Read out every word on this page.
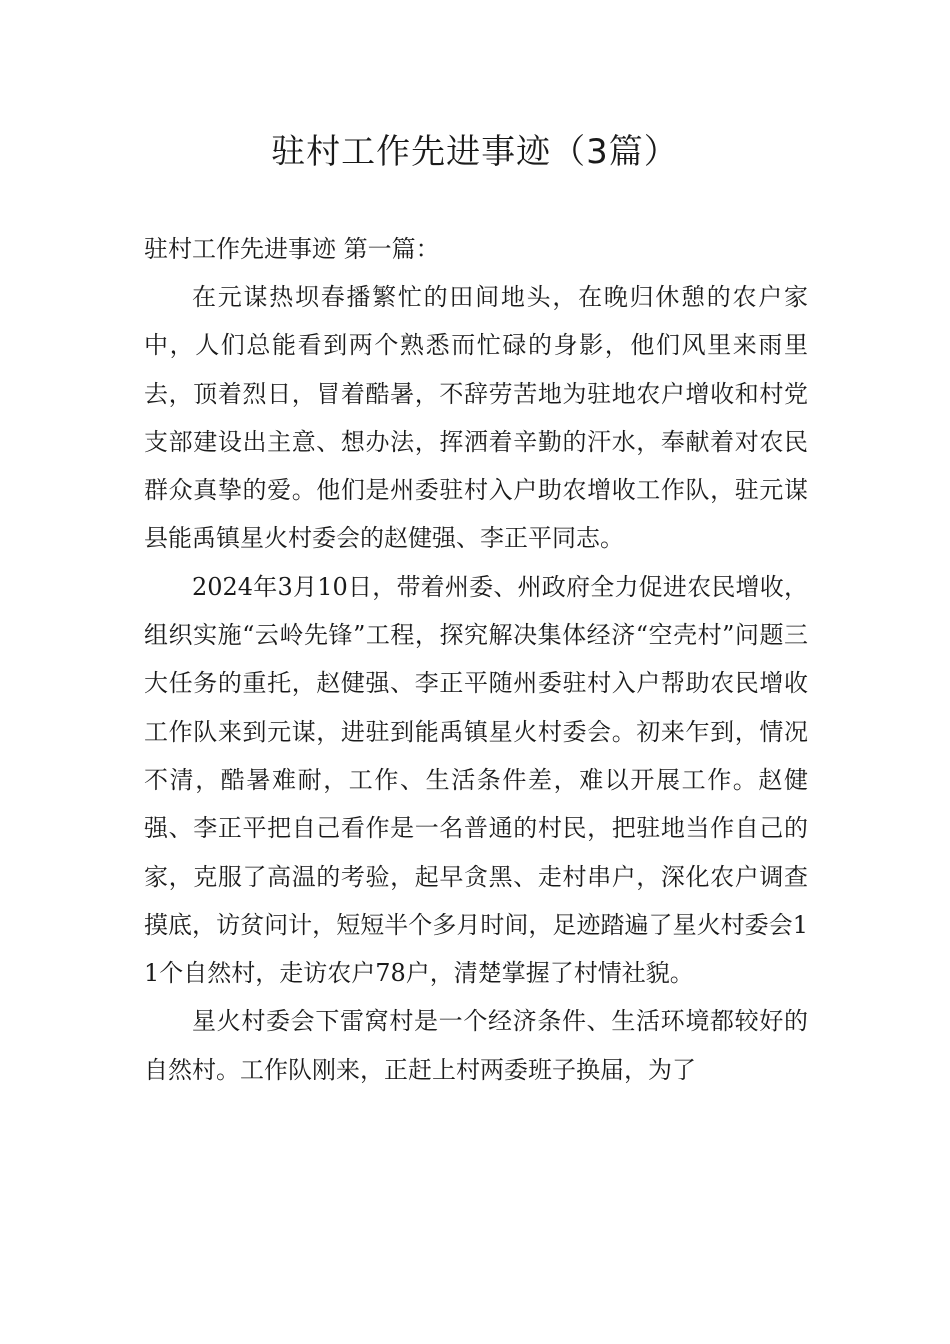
驻村工作先进事迹（3篇）

驻村工作先进事迹 第一篇：

在元谋热坝春播繁忙的田间地头，在晚归休憩的农户家中，人们总能看到两个熟悉而忙碌的身影，他们风里来雨里去，顶着烈日，冒着酷暑，不辞劳苦地为驻地农户增收和村党支部建设出主意、想办法，挥洒着辛勤的汗水，奉献着对农民群众真挚的爱。他们是州委驻村入户助农增收工作队，驻元谋县能禹镇星火村委会的赵健强、李正平同志。

2024年3月10日，带着州委、州政府全力促进农民增收，组织实施“云岭先锋”工程，探究解决集体经济“空壳村”问题三大任务的重托，赵健强、李正平随州委驻村入户帮助农民增收工作队来到元谋，进驻到能禹镇星火村委会。初来乍到，情况不清，酷暑难耐，工作、生活条件差，难以开展工作。赵健强、李正平把自己看作是一名普通的村民，把驻地当作自己的家，克服了高温的考验，起早贪黑、走村串户，深化农户调查摸底，访贫问计，短短半个多月时间，足迹踏遍了星火村委会11个自然村，走访农户78户，清楚掌握了村情社貌。

星火村委会下雷窝村是一个经济条件、生活环境都较好的自然村。工作队刚来，正赶上村两委班子换届，为了
